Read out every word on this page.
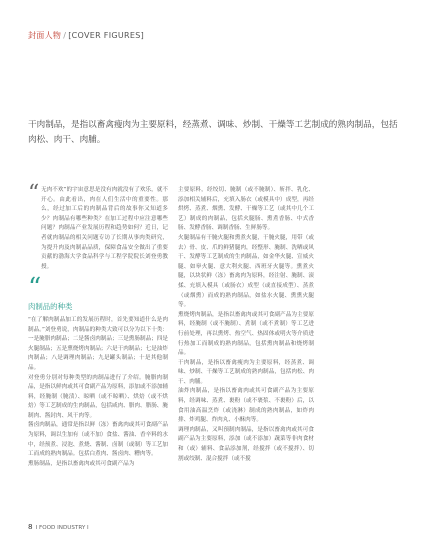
封面人物 / [COVER FIGURES]
干肉制品，是指以畜禽瘦肉为主要原料，经蒸煮、调味、炒制、干燥等工艺制成的熟肉制品，包括肉松、肉干、肉脯。
“ 无肉不欢”的宇宙意思是没有肉就没有了欢乐，就不开心。由此看出，肉在人们生活中的重要性。那么，经过加工后的肉制品背后的故事你又知道多少？肉制品有哪些种类？在加工过程中应注意哪些问题？肉制品产业发展历程和趋势如何？近日，记者就肉制品的相关问题专访了长期从事肉类研究，为提升肉及肉制品品质，保障食品安全做出了重要贡献的渤海大学食品科学与工程学院院长刘登勇教授。

“
肉制品的种类

“在了解肉制品加工的发展历程时，首先要知道什么是肉制品。”刘登勇说，肉制品的种类大致可以分为以下十类：一是腌腊肉制品；二是酱卤肉制品；三是熏肠制品；四是火腿制品；五是熏烧烤肉制品；六是干肉制品；七是油炸肉制品；八是调理肉制品；九是罐头制品；十是其他制品。

对登勇分别对每种类型的肉制品进行了介绍。腌腊肉制品，是指以鲜肉或其可食副产品为原料，添加或不添加辅料，经腌制（腌渍）、晾晒（或不晾晒）、烘焙（或不烘焙）等工艺制成的生肉制品，包括咸肉、腊肉、腊肠、腌制肉、酱封肉、风干肉等。

酱卤肉制品，通常是指以鲜（冻）畜禽肉或其可食副产品为原料，调以生加有（或不加）食盐、酱油、香辛料的水中，经预煮、浸泡、煮烧、酱制、卤制（或制）等工艺加工而成的熟肉制品。包括白煮肉、酱卤肉、糟肉等。

熏肠制品，是指以畜禽肉或其可食副产品为

主要原料，经绞切、腌制（或不腌制）、斩拌、乳化、添加相关辅料后，充填入肠衣（或模具中）成型，再经烘烤、蒸煮、烟熏、发酵、干燥等工艺（或其中几个工艺）制成的肉制品，包括火腿肠、熏煮香肠、中式香肠、发酵香肠、调制香肠、生鲜肠等。

火腿制品有干腌火腿和熏煮火腿，干腌火腿，用带（或去）骨、皮、爪的鲜猪腿肉，经整形、腌制、洗晒或风干、发酵等工艺制成的生肉制品，如金华火腿、宣威火腿、如皋火腿、意大利火腿、西班牙火腿等。熏煮火腿，以块状鲜（冻）畜禽肉为原料，经注射、腌制、滚揉、充填入模具（或肠衣）成型（或直接成型）、蒸煮（或烟熏）而成的熟肉制品，如盐水火腿、熏熏火腿等。

熏烧烤肉制品，是指以畜禽肉或其可食副产品为主要原料，经腌制（或不腌制）、煮制（或不煮制）等工艺进行前处理，再以熏烤、热空气、热固体或明火等介质进行热加工而制成的熟肉制品，包括熏肉制品和烧烤制品。

干肉制品，是指以畜禽瘦肉为主要原料，经蒸煮、调味、炒制、干燥等工艺制成的熟肉制品，包括肉松、肉干、肉脯。

油炸肉制品，是指以畜禽肉或其可食副产品为主要原料，经调味、蒸煮、裹粉（或不裹浆、不裹粉）后，以食用油高温烹炸（或浇淋）制成的熟肉制品，如炸肉排、炸鸡腿、炸肉丸、小酥肉等。

调理肉制品，又叫预制肉制品，是指以畜禽肉或其可食副产品为主要原料，添加（或不添加）蔬菜等非肉食材和（或）辅料、食品添加剂，经搅拌（或不搅拌）、切割或绞制、混合搅拌（或不搅

8 I FOOD INDUSTRY I
